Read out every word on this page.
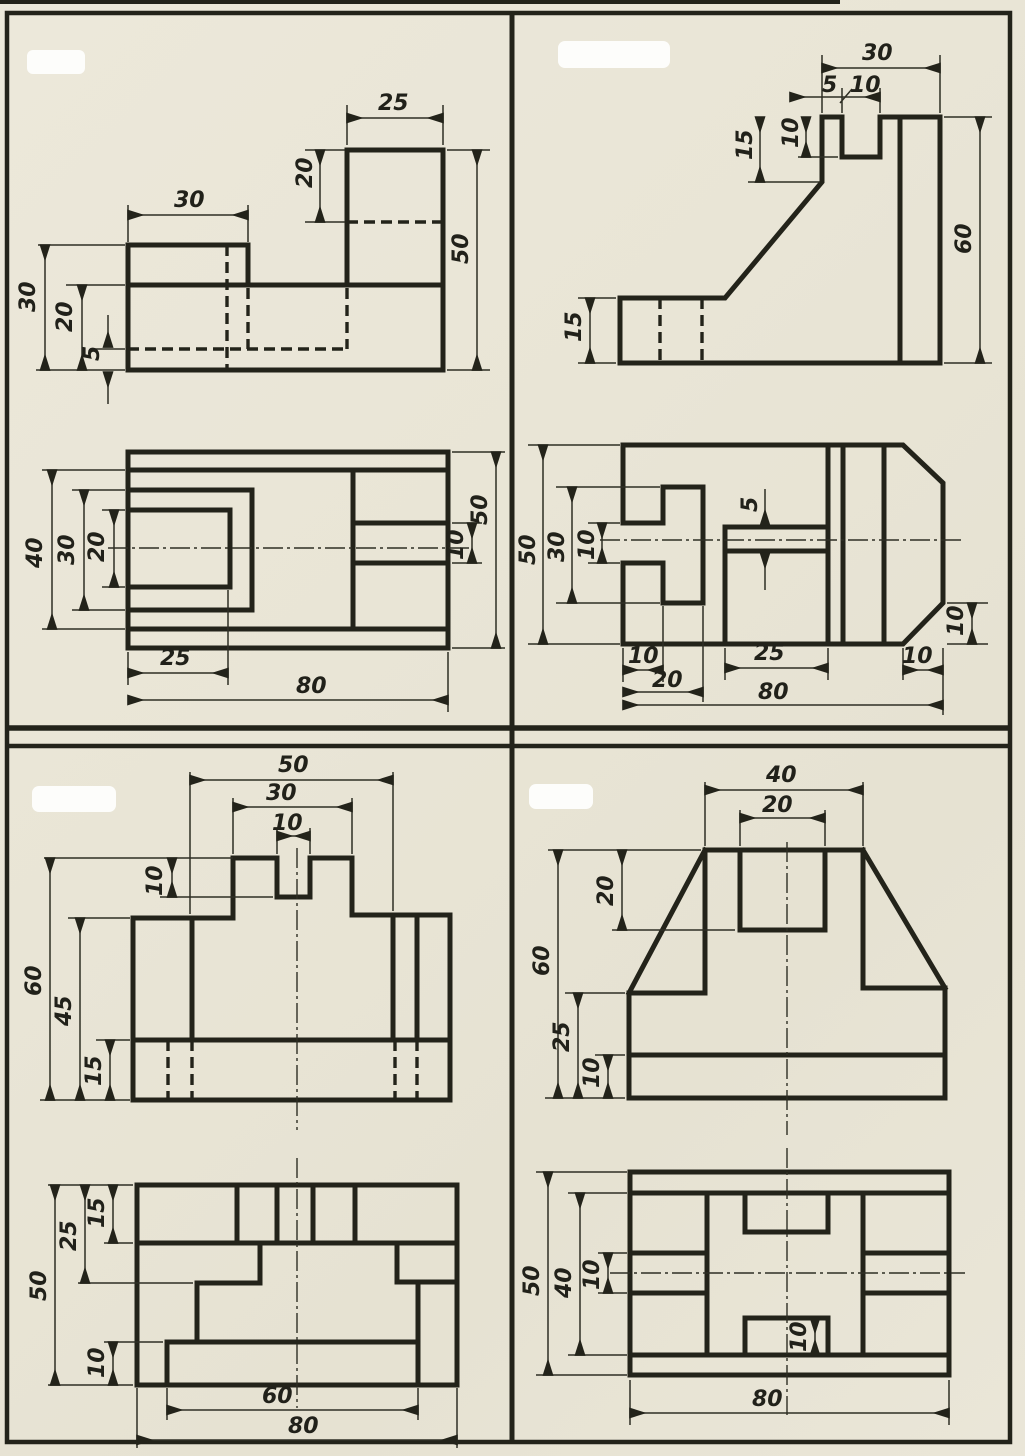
25
20
30
50
30
20
5
40 30 20
25
80
10
50
30
5 10
15 10
60
15
50 30 10
5
10
20
25
80
10
10
50
30
10
10
60
45
15
50
25
15
10
60
80
40
20
60
20
25
10
50 40 10
10
80
